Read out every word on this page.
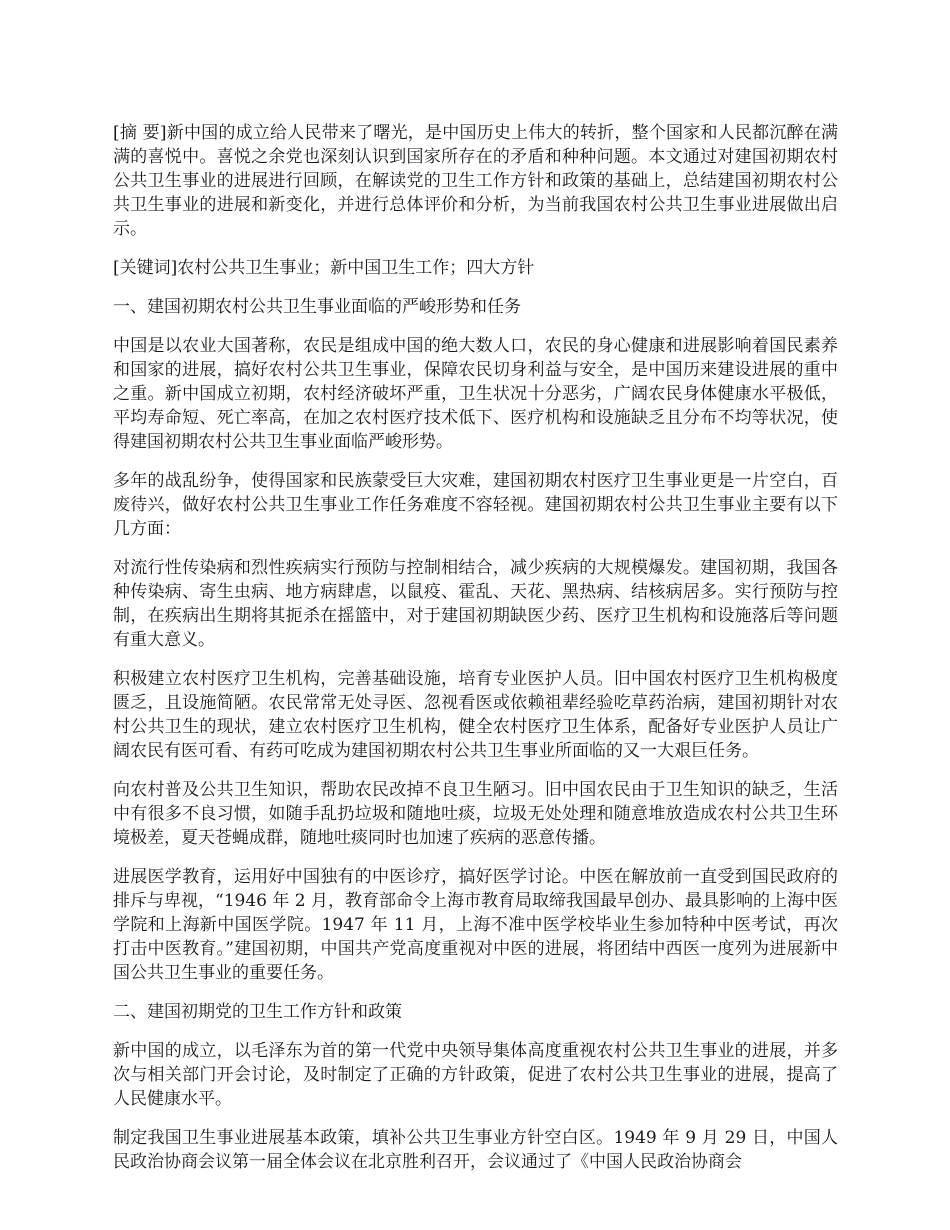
[摘 要]新中国的成立给人民带来了曙光，是中国历史上伟大的转折，整个国家和人民都沉醉在满满的喜悦中。喜悦之余党也深刻认识到国家所存在的矛盾和种种问题。本文通过对建国初期农村公共卫生事业的进展进行回顾，在解读党的卫生工作方针和政策的基础上，总结建国初期农村公共卫生事业的进展和新变化，并进行总体评价和分析，为当前我国农村公共卫生事业进展做出启示。

[关键词]农村公共卫生事业；新中国卫生工作；四大方针

一、建国初期农村公共卫生事业面临的严峻形势和任务

中国是以农业大国著称，农民是组成中国的绝大数人口，农民的身心健康和进展影响着国民素养和国家的进展，搞好农村公共卫生事业，保障农民切身利益与安全，是中国历来建设进展的重中之重。新中国成立初期，农村经济破坏严重，卫生状况十分恶劣，广阔农民身体健康水平极低，平均寿命短、死亡率高，在加之农村医疗技术低下、医疗机构和设施缺乏且分布不均等状况，使得建国初期农村公共卫生事业面临严峻形势。

多年的战乱纷争，使得国家和民族蒙受巨大灾难，建国初期农村医疗卫生事业更是一片空白，百废待兴，做好农村公共卫生事业工作任务难度不容轻视。建国初期农村公共卫生事业主要有以下几方面：

对流行性传染病和烈性疾病实行预防与控制相结合，减少疾病的大规模爆发。建国初期，我国各种传染病、寄生虫病、地方病肆虐，以鼠疫、霍乱、天花、黑热病、结核病居多。实行预防与控制，在疾病出生期将其扼杀在摇篮中，对于建国初期缺医少药、医疗卫生机构和设施落后等问题有重大意义。

积极建立农村医疗卫生机构，完善基础设施，培育专业医护人员。旧中国农村医疗卫生机构极度匮乏，且设施简陋。农民常常无处寻医、忽视看医或依赖祖辈经验吃草药治病，建国初期针对农村公共卫生的现状，建立农村医疗卫生机构，健全农村医疗卫生体系，配备好专业医护人员让广阔农民有医可看、有药可吃成为建国初期农村公共卫生事业所面临的又一大艰巨任务。

向农村普及公共卫生知识，帮助农民改掉不良卫生陋习。旧中国农民由于卫生知识的缺乏，生活中有很多不良习惯，如随手乱扔垃圾和随地吐痰，垃圾无处处理和随意堆放造成农村公共卫生环境极差，夏天苍蝇成群，随地吐痰同时也加速了疾病的恶意传播。

进展医学教育，运用好中国独有的中医诊疗，搞好医学讨论。中医在解放前一直受到国民政府的排斥与卑视，“1946 年 2 月，教育部命令上海市教育局取缔我国最早创办、最具影响的上海中医学院和上海新中国医学院。1947 年 11 月，上海不准中医学校毕业生参加特种中医考试，再次打击中医教育。”建国初期，中国共产党高度重视对中医的进展，将团结中西医一度列为进展新中国公共卫生事业的重要任务。

二、建国初期党的卫生工作方针和政策

新中国的成立，以毛泽东为首的第一代党中央领导集体高度重视农村公共卫生事业的进展，并多次与相关部门开会讨论，及时制定了正确的方针政策，促进了农村公共卫生事业的进展，提高了人民健康水平。

制定我国卫生事业进展基本政策，填补公共卫生事业方针空白区。1949 年 9 月 29 日，中国人民政治协商会议第一届全体会议在北京胜利召开，会议通过了《中国人民政治协商会
